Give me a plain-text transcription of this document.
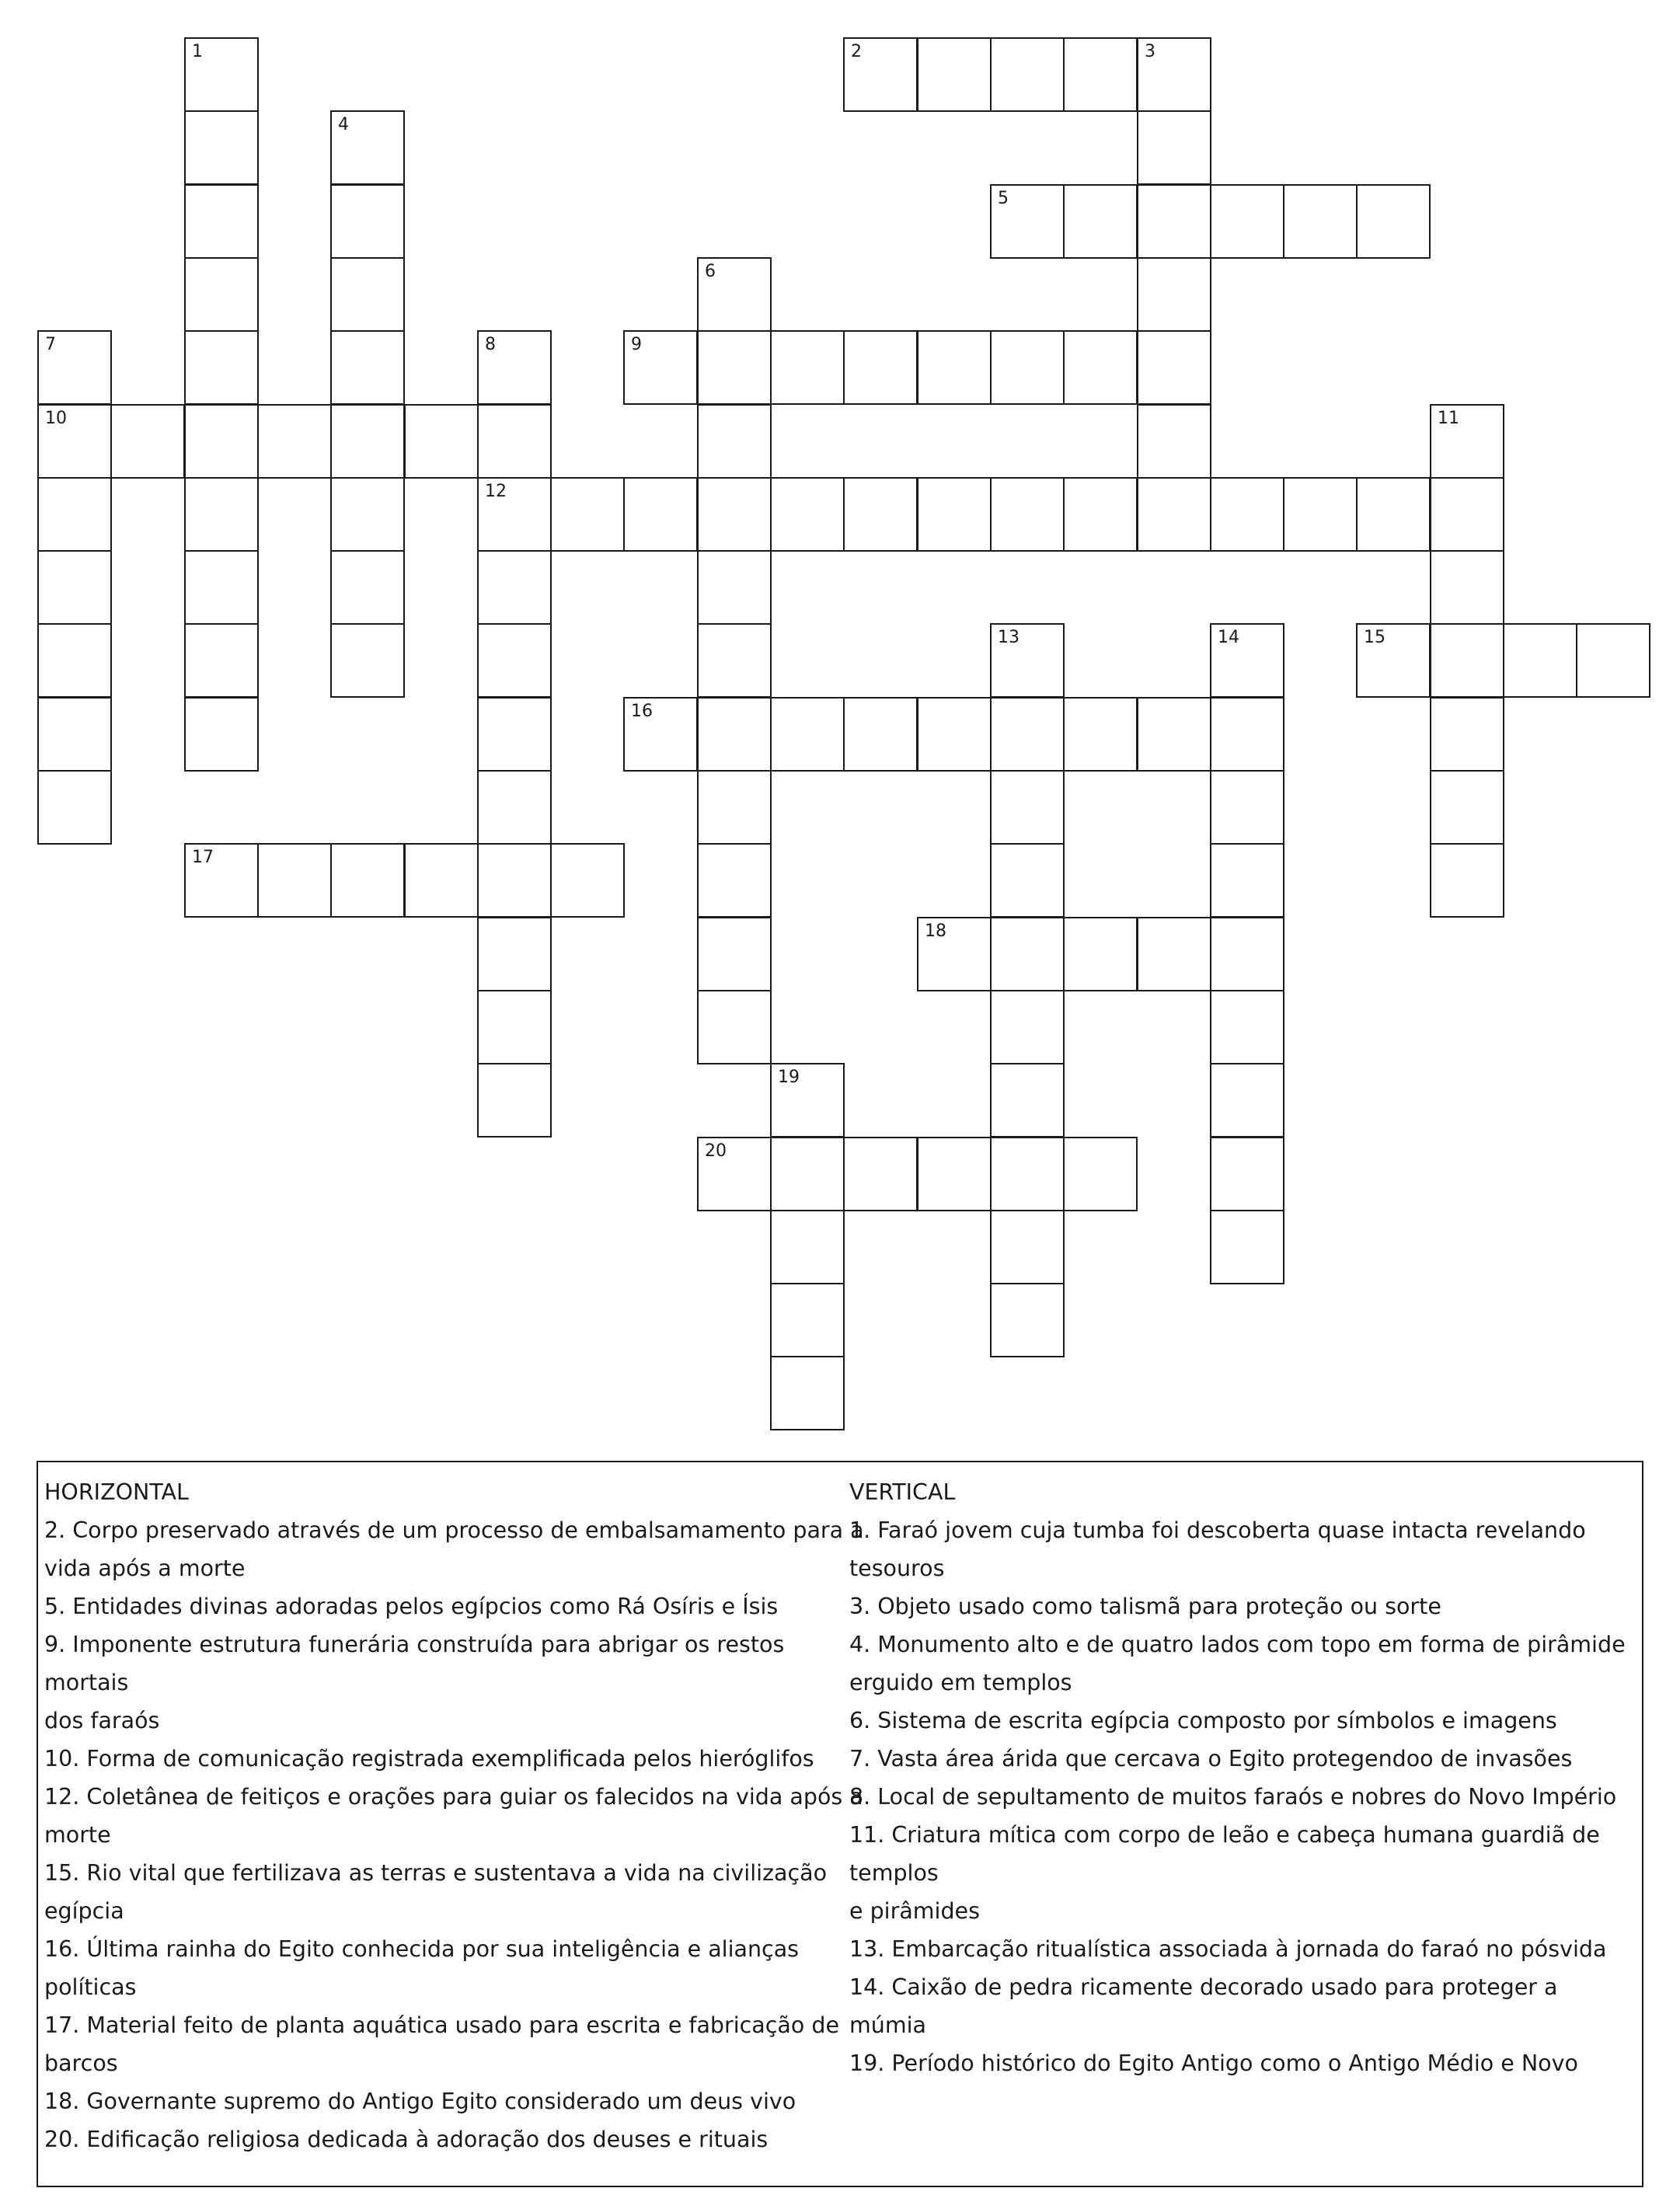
1	2	3
4
5
6
7
10
8
12
9
11
13	14	15
16
17
18
19
20
HORIZONTAL
2. Corpo preservado através de um processo de embalsamamento para a
vida após a morte
5. Entidades divinas adoradas pelos egípcios como Rá Osíris e Ísis
9. Imponente estrutura funerária construída para abrigar os restos mortais
dos faraós
10. Forma de comunicação registrada exemplificada pelos hieróglifos
12. Coletânea de feitiços e orações para guiar os falecidos na vida após a
morte
15. Rio vital que fertilizava as terras e sustentava a vida na civilização
egípcia
16. Última rainha do Egito conhecida por sua inteligência e alianças
políticas
17. Material feito de planta aquática usado para escrita e fabricação de
barcos
18. Governante supremo do Antigo Egito considerado um deus vivo
20. Edificação religiosa dedicada à adoração dos deuses e rituais
VERTICAL
1. Faraó jovem cuja tumba foi descoberta quase intacta revelando tesouros
3. Objeto usado como talismã para proteção ou sorte
4. Monumento alto e de quatro lados com topo em forma de pirâmide
erguido em templos
6. Sistema de escrita egípcia composto por símbolos e imagens
7. Vasta área árida que cercava o Egito protegendoo de invasões
8. Local de sepultamento de muitos faraós e nobres do Novo Império
11. Criatura mítica com corpo de leão e cabeça humana guardiã de templos
e pirâmides
13. Embarcação ritualística associada à jornada do faraó no pósvida
14. Caixão de pedra ricamente decorado usado para proteger a múmia
19. Período histórico do Egito Antigo como o Antigo Médio e Novo
